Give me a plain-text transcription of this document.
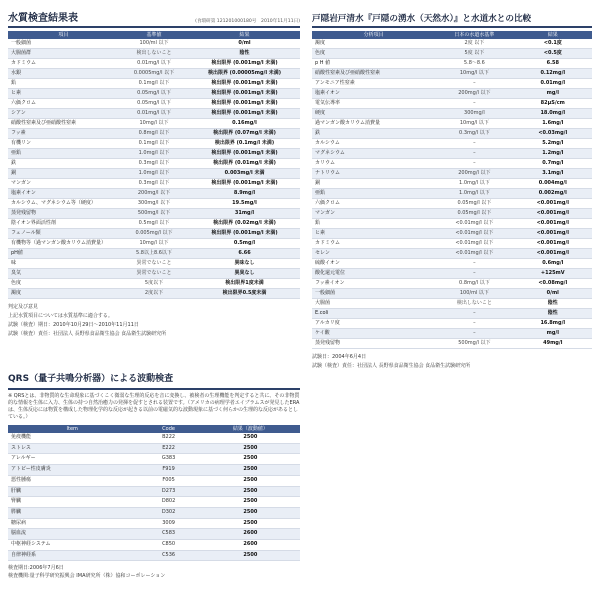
水質検査結果表	(食環研第 121201000180号　2010年11月11日)
項目	基準値	結果
一般細菌	100/ml 以下	0/ml
大腸菌群	検出しないこと	陰性
カドミウム	0.01mg/l 以下	検出限界 (0.001mg/l 未満)
水銀	0.0005mg/l 以下	検出限界 (0.00005mg/l 未満)
鉛	0.1mg/l 以下	検出限界 (0.001mg/l 未満)
ヒ素	0.05mg/l 以下	検出限界 (0.001mg/l 未満)
六価クロム	0.05mg/l 以下	検出限界 (0.001mg/l 未満)
シアン	0.01mg/l 以下	検出限界 (0.001mg/l 未満)
硝酸性窒素及び亜硝酸性窒素	10mg/l 以下	0.16mg/l
フッ素	0.8mg/l 以下	検出限界 (0.07mg/l 未満)
有機リン	0.1mg/l 以下	検出限界 (0.1mg/l 未満)
亜鉛	1.0mg/l 以下	検出限界 (0.001mg/l 未満)
鉄	0.3mg/l 以下	検出限界 (0.01mg/l 未満)
銅	1.0mg/l 以下	0.003mg/l 未満
マンガン	0.3mg/l 以下	検出限界 (0.001mg/l 未満)
塩素イオン	200mg/l 以下	8.9mg/l
カルシウム、マグネシウム等（硬度）	300mg/l 以下	19.5mg/l
蒸発残留物	500mg/l 以下	31mg/l
陰イオン界面活性剤	0.5mg/l 以下	検出限界 (0.02mg/l 未満)
フェノール類	0.005mg/l 以下	検出限界 (0.001mg/l 未満)
有機物等（過マンガン酸カリウム消費量）	10mg/l 以下	0.5mg/l
pH値	5.8以上8.6以下	6.66
味	異常でないこと	異味なし
臭気	異常でないこと	異臭なし
色度	5度以下	検出限界1度未満
濁度	2度以下	検出限界0.5度未満
判定及び意見
上記水質項目については水質基準に適合する。
試験（検査）期日：2010年10月29日〜2010年11月11日
試験（検査）責任：社団法人 長野県食品衛生協会 食品衛生試験研究所
戸隠岩戸清水『戸隠の湧水（天然水）』と水道水との比較
分析項目	日本の水道水基準	結果
濁度	2度 以下	<0.1度
色度	5度 以下	<0.5度
p H 値	5.8〜8.6	6.58
硝酸性窒素及び亜硝酸性窒素	10mg/l 以下	0.12mg/l
アンモニア性窒素	–	0.01mg/l
塩素イオン	200mg/l 以下	mg/l
電気伝導率	–	82μS/cm
硬度	300mg/l	18.0mg/l
過マンガン酸カリウム消費量	10mg/l 以下	1.6mg/l
鉄	0.3mg/l 以下	<0.03mg/l
カルシウム	–	5.2mg/l
マグネシウム	–	1.2mg/l
カリウム	–	0.7mg/l
ナトリウム	200mg/l 以下	3.1mg/l
銅	1.0mg/l 以下	0.004mg/l
亜鉛	1.0mg/l 以下	0.002mg/l
六価クロム	0.05mg/l 以下	<0.001mg/l
マンガン	0.05mg/l 以下	<0.001mg/l
鉛	<0.01mg/l 以下	<0.001mg/l
ヒ素	<0.01mg/l 以下	<0.001mg/l
カドミウム	<0.01mg/l 以下	<0.001mg/l
セレン	<0.01mg/l 以下	<0.001mg/l
硫酸イオン	–	0.6mg/l
酸化還元電位	–	+125mV
フッ素イオン	0.8mg/l 以下	<0.08mg/l
一般細菌	100/ml 以下	0/ml
大腸菌	検出しないこと	陰性
E.coli	–	陰性
アルカリ度	–	16.8mg/l
ケイ酸	–	mg/l
蒸発残留物	500mg/l 以下	49mg/l
試験日：2004年6月4日
試験（検査）責任：社団法人 長野県食品衛生協会 食品衛生試験研究所
QRS（量子共鳴分析器）による波動検査
※ QRSとは、非物質的な生命現象に基づくこく微弱な生理的反応を音に変換し、被検者の生理機能を判定すると共に、その非物質的な情報を生体に入力、生体の持つ自然治癒力の発揮を促すとされる装置です。（アメリカの病理学者エイブラムスが発見したERAは、生体反応には物質を構成した物理化学的な反応が起きる以前の電磁気的な波動現象に基づく何らかの生理的な反応があるとしている。）
Item	Code	結果（波動値）
免疫機能	B222	2500
ストレス	E222	2500
アレルギー	G383	2500
アトピー性皮膚炎	F919	2500
悪性腫瘍	F005	2500
肝臓	D273	2500
腎臓	D802	2500
膵臓	D302	2500
糖尿病	3009	2500
脳血流	C583	2600
中枢神経システム	C850	2600
自律神経系	C536	2500
検査期日:2006年7月6日
検査機関:量子科学研究振興会 IMA研究所（株）協和コーポレーション
